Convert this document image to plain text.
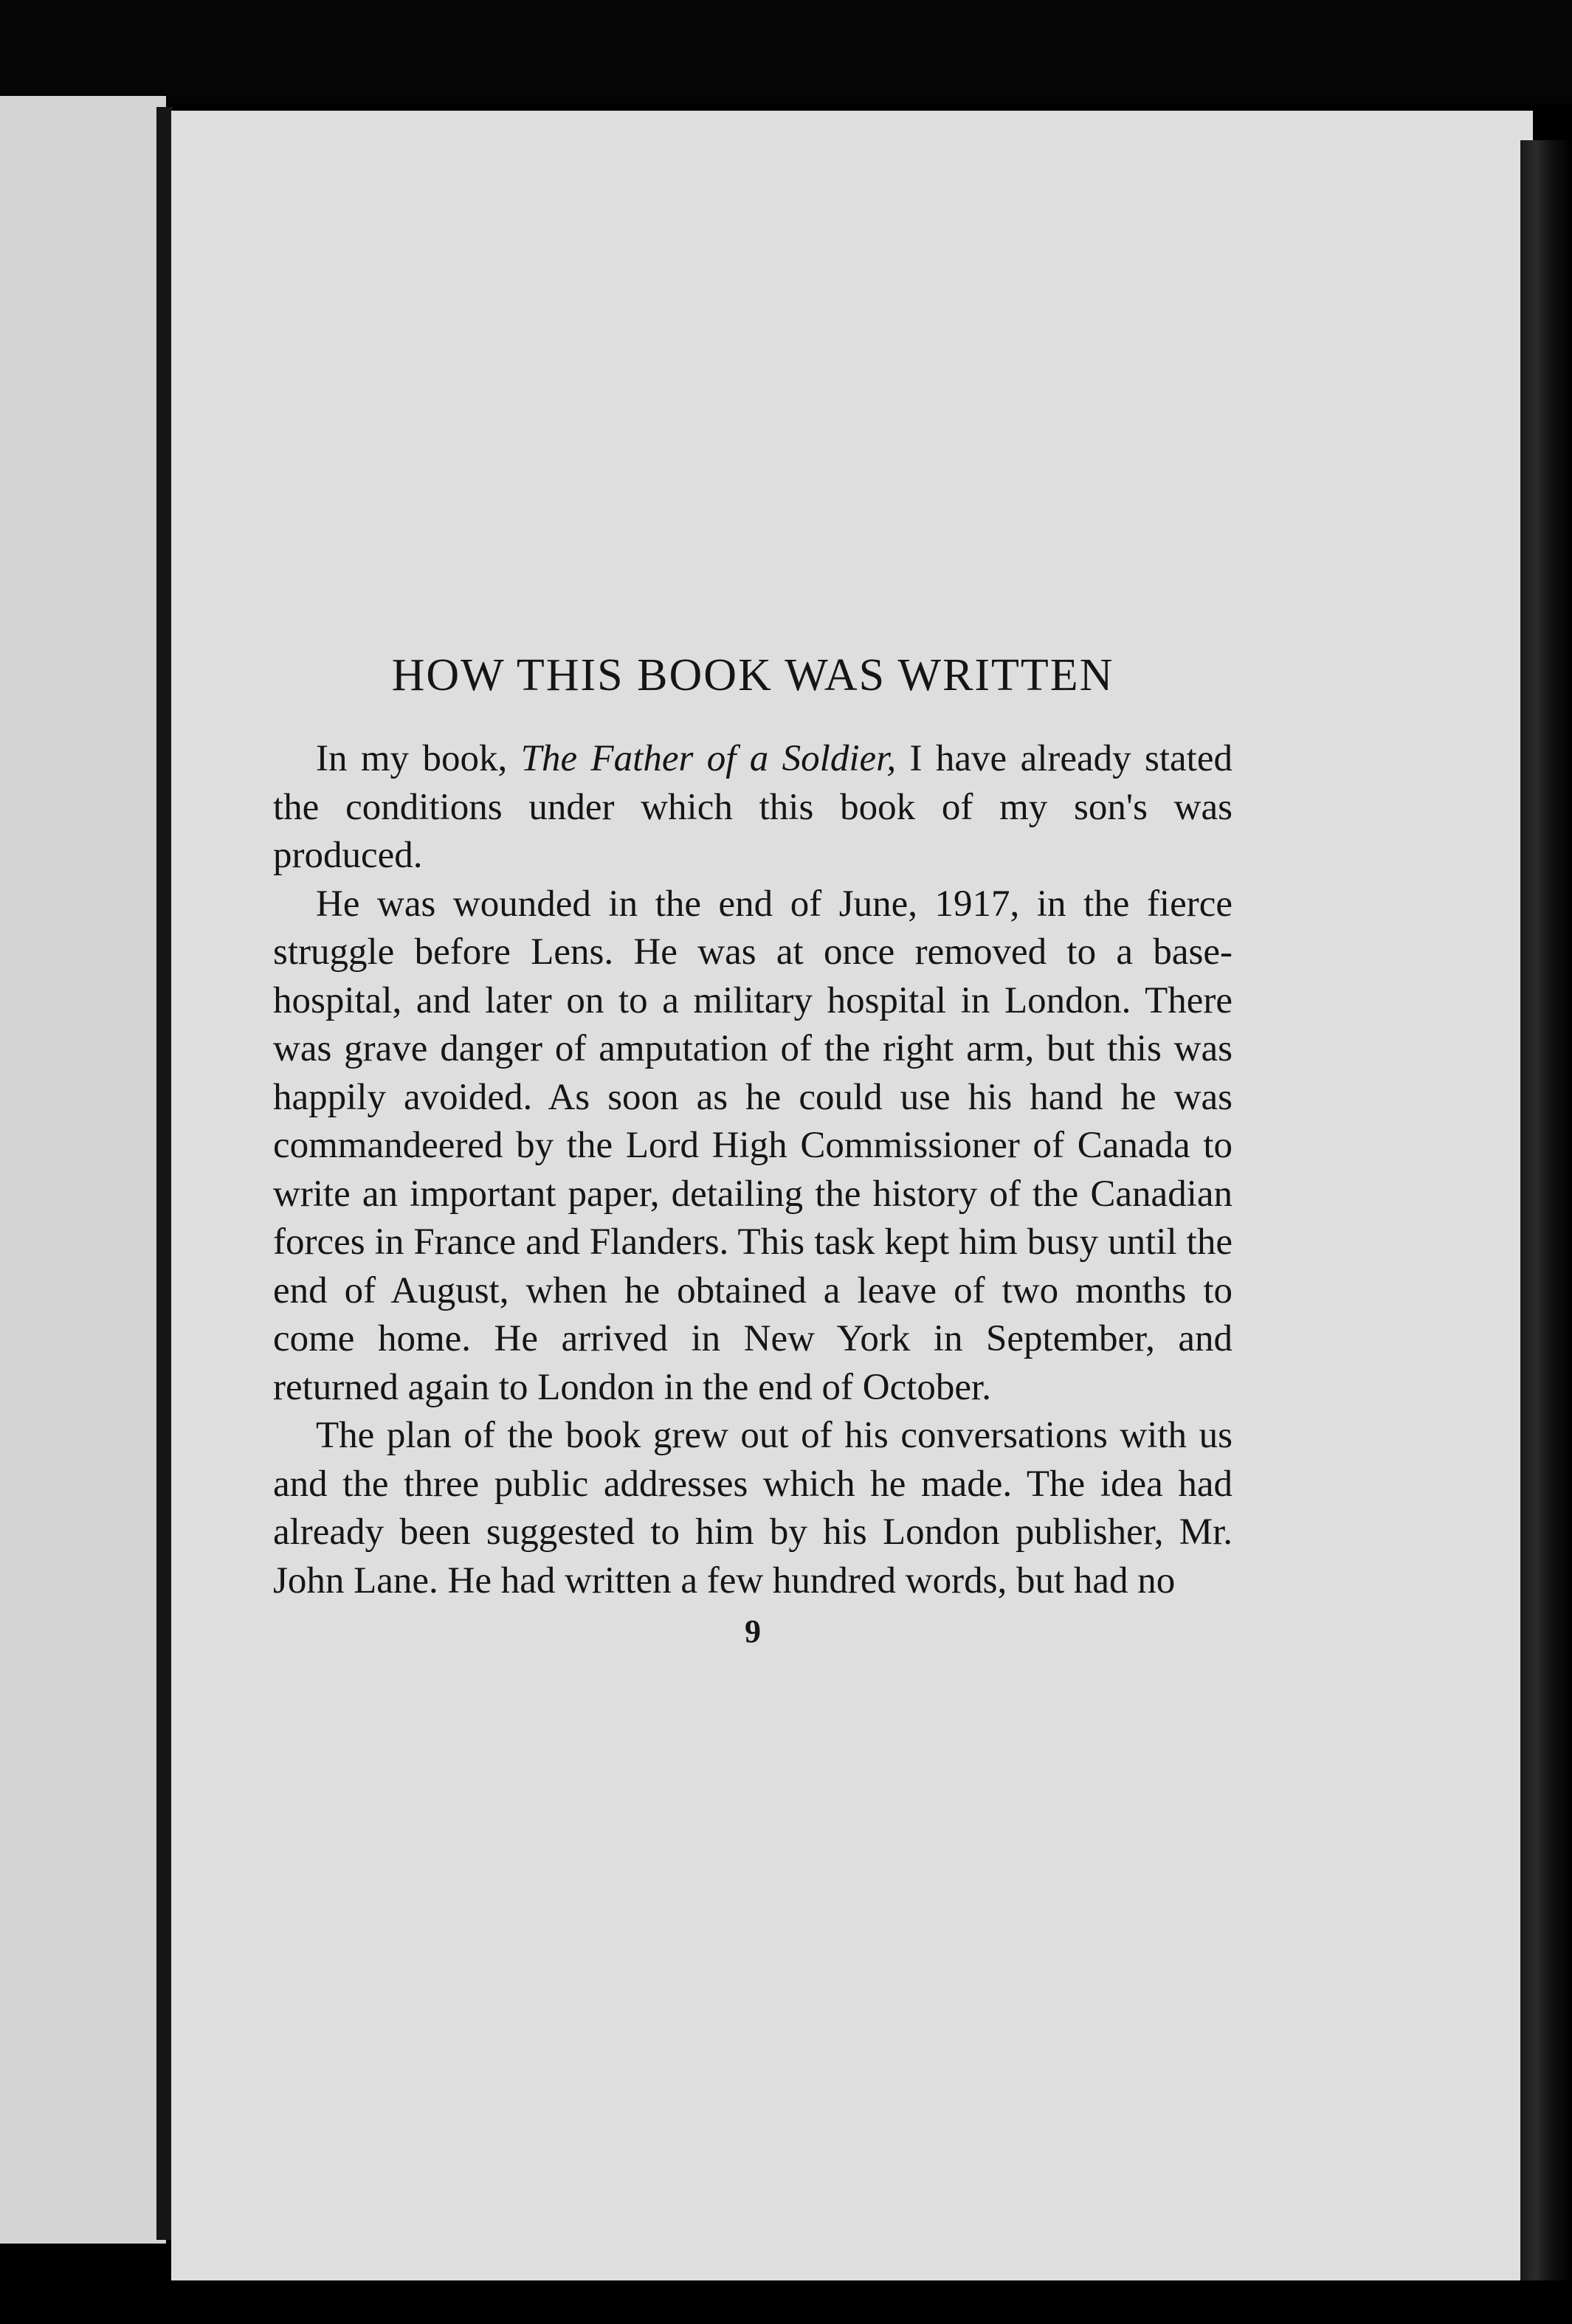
HOW THIS BOOK WAS WRITTEN

In my book, The Father of a Soldier, I have already stated the conditions under which this book of my son's was produced.

He was wounded in the end of June, 1917, in the fierce struggle before Lens. He was at once removed to a base-hospital, and later on to a military hospital in London. There was grave danger of amputation of the right arm, but this was happily avoided. As soon as he could use his hand he was commandeered by the Lord High Commissioner of Canada to write an important paper, detailing the history of the Canadian forces in France and Flanders. This task kept him busy until the end of August, when he obtained a leave of two months to come home. He arrived in New York in September, and returned again to London in the end of October.

The plan of the book grew out of his conversations with us and the three public addresses which he made. The idea had already been suggested to him by his London publisher, Mr. John Lane. He had written a few hundred words, but had no

9
